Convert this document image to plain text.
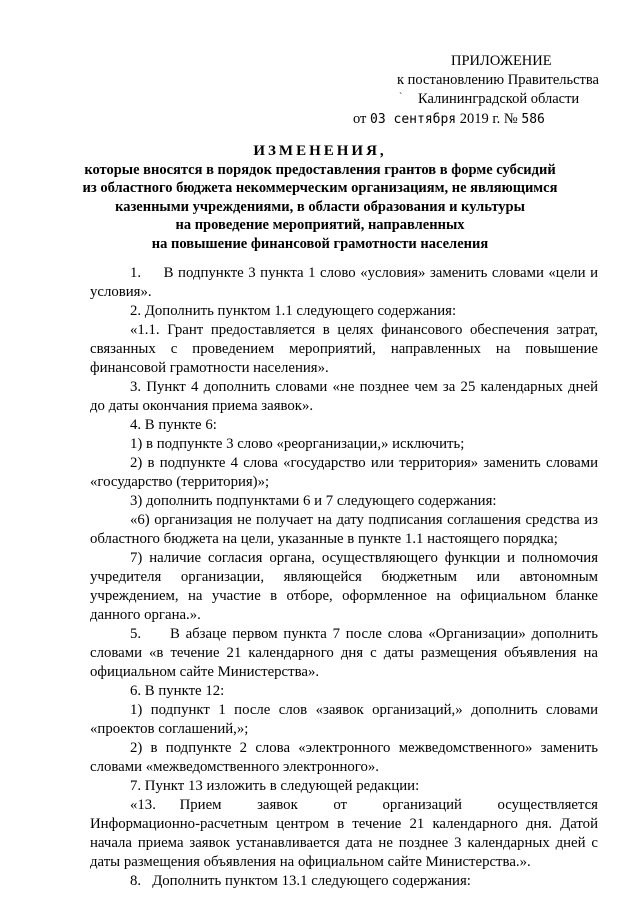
ПРИЛОЖЕНИЕ
к постановлению Правительства
` Калининградской области
от 03 сентября 2019 г. № 586
ИЗМЕНЕНИЯ,
которые вносятся в порядок предоставления грантов в форме субсидий
из областного бюджета некоммерческим организациям, не являющимся
казенными учреждениями, в области образования и культуры
на проведение мероприятий, направленных
на повышение финансовой грамотности населения

1.     В подпункте 3 пункта 1 слово «условия» заменить словами «цели и условия».

2. Дополнить пунктом 1.1 следующего содержания:

«1.1. Грант предоставляется в целях финансового обеспечения затрат, связанных с проведением мероприятий, направленных на повышение финансовой грамотности населения».

3. Пункт 4 дополнить словами «не позднее чем за 25 календарных дней до даты окончания приема заявок».

4. В пункте 6:

1) в подпункте 3 слово «реорганизации,» исключить;

2) в подпункте 4 слова «государство или территория» заменить словами «государство (территория)»;

3) дополнить подпунктами 6 и 7 следующего содержания:

«6) организация не получает на дату подписания соглашения средства из областного бюджета на цели, указанные в пункте 1.1 настоящего порядка;

7) наличие согласия органа, осуществляющего функции и полномочия учредителя организации, являющейся бюджетным или автономным учреждением, на участие в отборе, оформленное на официальном бланке данного органа.».

5.     В абзаце первом пункта 7 после слова «Организации» дополнить словами «в течение 21 календарного дня с даты размещения объявления на официальном сайте Министерства».

6. В пункте 12:

1) подпункт 1 после слов «заявок организаций,» дополнить словами «проектов соглашений,»;

2) в подпункте 2 слова «электронного межведомственного» заменить словами «межведомственного электронного».

7. Пункт 13 изложить в следующей редакции:

«13.    Прием      заявок      от      организаций      осуществляется Информационно-расчетным центром в течение 21 календарного дня. Датой начала приема заявок устанавливается дата не позднее 3 календарных дней с даты размещения объявления на официальном сайте Министерства.».

8.   Дополнить пунктом 13.1 следующего содержания:
